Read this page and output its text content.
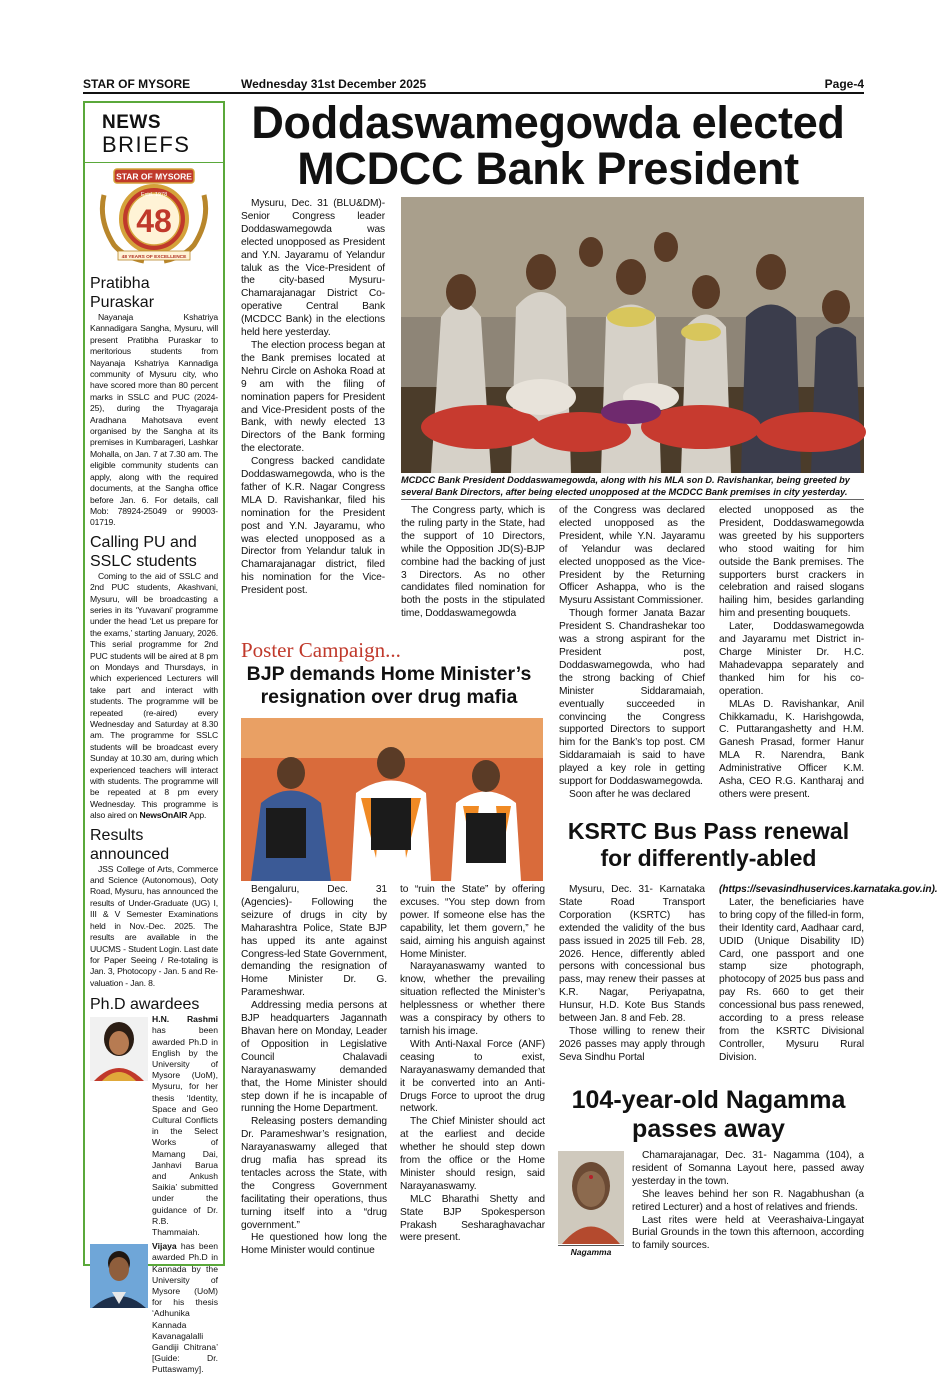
STAR OF MYSORE	Wednesday 31st December 2025	Page-4
NEWS
BRIEFS
STAR OF MYSORE
Estd. 1978
48
48 YEARS OF EXCELLENCE
Pratibha Puraskar
Nayanaja Kshatriya Kannadigara Sangha, Mysuru, will present Pratibha Puraskar to meritorious students from Nayanaja Kshatriya Kannadiga community of Mysuru city, who have scored more than 80 percent marks in SSLC and PUC (2024-25), during the Thyagaraja Aradhana Mahotsava event organised by the Sangha at its premises in Kumbarageri, Lashkar Mohalla, on Jan. 7 at 7.30 am. The eligible community students can apply, along with the required documents, at the Sangha office before Jan. 6. For details, call Mob: 78924-25049 or 99003-01719.
Calling PU and SSLC students
Coming to the aid of SSLC and 2nd PUC students, Akashvani, Mysuru, will be broadcasting a series in its ‘Yuvavani’ programme under the head ‘Let us prepare for the exams,’ starting January, 2026. This serial programme for 2nd PUC students will be aired at 8 pm on Mondays and Thursdays, in which experienced Lecturers will take part and interact with students. The programme will be repeated (re-aired) every Wednesday and Saturday at 8.30 am. The programme for SSLC students will be broadcast every Sunday at 10.30 am, during which experienced teachers will interact with students. The programme will be repeated at 8 pm every Wednesday. This programme is also aired on NewsOnAIR App.
Results announced
JSS College of Arts, Commerce and Science (Autonomous), Ooty Road, Mysuru, has announced the results of Under-Graduate (UG) I, III & V Semester Examinations held in Nov.-Dec. 2025. The results are available in the UUCMS - Student Login. Last date for Paper Seeing / Re-totaling is Jan. 3, Photocopy - Jan. 5 and Re-valuation - Jan. 8.
Ph.D awardees
H.N. Rashmi has been awarded Ph.D in English by the University of Mysore (UoM), Mysuru, for her thesis ‘Identity, Space and Geo Cultural Conflicts in the Select Works of Mamang Dai, Janhavi Barua and Ankush Saikia’ submitted under the guidance of Dr. R.B. Thammaiah.
Vijaya has been awarded Ph.D in Kannada by the University of Mysore (UoM) for his thesis ‘Adhunika Kannada Kavanagalalli Gandiji Chitrana’ [Guide: Dr. Puttaswamy].
Doddaswamegowda elected
MCDCC Bank President

Mysuru, Dec. 31 (BLU&DM)- Senior Congress leader Doddaswamegowda was elected unopposed as President and Y.N. Jayaramu of Yelandur taluk as the Vice-President of the city-based Mysuru-Chamarajanagar District Co-operative Central Bank (MCDCC Bank) in the elections held here yesterday.

The election process began at the Bank premises located at Nehru Circle on Ashoka Road at 9 am with the filing of nomination papers for President and Vice-President posts of the Bank, with newly elected 13 Directors of the Bank forming the electorate.

Congress backed candidate Doddaswamegowda, who is the father of K.R. Nagar Congress MLA D. Ravishankar, filed his nomination for the President post and Y.N. Jayaramu, who was elected unopposed as a Director from Yelandur taluk in Chamarajanagar district, filed his nomination for the Vice-President post.

MCDCC Bank President Doddaswamegowda, along with his MLA son D. Ravishankar, being greeted by several Bank Directors, after being elected unopposed at the MCDCC Bank premises in city yesterday.

The Congress party, which is the ruling party in the State, had the support of 10 Directors, while the Opposition JD(S)-BJP combine had the backing of just 3 Directors. As no other candidates filed nomination for both the posts in the stipulated time, Doddaswamegowda

of the Congress was declared elected unopposed as the President, while Y.N. Jayaramu of Yelandur was declared elected unopposed as the Vice-President by the Returning Officer Ashappa, who is the Mysuru Assistant Commissioner.

Though former Janata Bazar President S. Chandrashekar too was a strong aspirant for the President post, Doddaswamegowda, who had the strong backing of Chief Minister Siddaramaiah, eventually succeeded in convincing the Congress supported Directors to support him for the Bank’s top post. CM Siddaramaiah is said to have played a key role in getting support for Doddaswamegowda.

Soon after he was declared

elected unopposed as the President, Doddaswamegowda was greeted by his supporters who stood waiting for him outside the Bank premises. The supporters burst crackers in celebration and raised slogans hailing him, besides garlanding him and presenting bouquets.

Later, Doddaswamegowda and Jayaramu met District in-Charge Minister Dr. H.C. Mahadevappa separately and thanked him for his co-operation.

MLAs D. Ravishankar, Anil Chikkamadu, K. Harishgowda, C. Puttarangashetty and H.M. Ganesh Prasad, former Hanur MLA R. Narendra, Bank Administrative Officer K.M. Asha, CEO R.G. Kantharaj and others were present.

Poster Campaign...
BJP demands Home Minister’s resignation over drug mafia

Bengaluru, Dec. 31 (Agencies)- Following the seizure of drugs in city by Maharashtra Police, State BJP has upped its ante against Congress-led State Government, demanding the resignation of Home Minister Dr. G. Parameshwar.

Addressing media persons at BJP headquarters Jagannath Bhavan here on Monday, Leader of Opposition in Legislative Council Chalavadi Narayanaswamy demanded that, the Home Minister should step down if he is incapable of running the Home Department.

Releasing posters demanding Dr. Parameshwar’s resignation, Narayanaswamy alleged that drug mafia has spread its tentacles across the State, with the Congress Government facilitating their operations, thus turning itself into a “drug government.”

He questioned how long the Home Minister would continue

to “ruin the State” by offering excuses. “You step down from power. If someone else has the capability, let them govern,” he said, aiming his anguish against Home Minister.

Narayanaswamy wanted to know, whether the prevailing situation reflected the Minister’s helplessness or whether there was a conspiracy by others to tarnish his image.

With Anti-Naxal Force (ANF) ceasing to exist, Narayanaswamy demanded that it be converted into an Anti-Drugs Force to uproot the drug network.

The Chief Minister should act at the earliest and decide whether he should step down from the office or the Home Minister should resign, said Narayanaswamy.

MLC Bharathi Shetty and State BJP Spokesperson Prakash Sesharaghavachar were present.

KSRTC Bus Pass renewal
for differently-abled

Mysuru, Dec. 31- Karnataka State Road Transport Corporation (KSRTC) has extended the validity of the bus pass issued in 2025 till Feb. 28, 2026. Hence, differently abled persons with concessional bus pass, may renew their passes at K.R. Nagar, Periyapatna, Hunsur, H.D. Kote Bus Stands between Jan. 8 and Feb. 28.

Those willing to renew their 2026 passes may apply through Seva Sindhu Portal

(https://sevasindhuservices.karnataka.gov.in).

Later, the beneficiaries have to bring copy of the filled-in form, their Identity card, Aadhaar card, UDID (Unique Disability ID) Card, one passport and one stamp size photograph, photocopy of 2025 bus pass and pay Rs. 660 to get their concessional bus pass renewed, according to a press release from the KSRTC Divisional Controller, Mysuru Rural Division.

104-year-old Nagamma
passes away
Nagamma

Chamarajanagar, Dec. 31- Nagamma (104), a resident of Somanna Layout here, passed away yesterday in the town.

She leaves behind her son R. Nagabhushan (a retired Lecturer) and a host of relatives and friends.

Last rites were held at Veerashaiva-Lingayat Burial Grounds in the town this afternoon, according to family sources.
